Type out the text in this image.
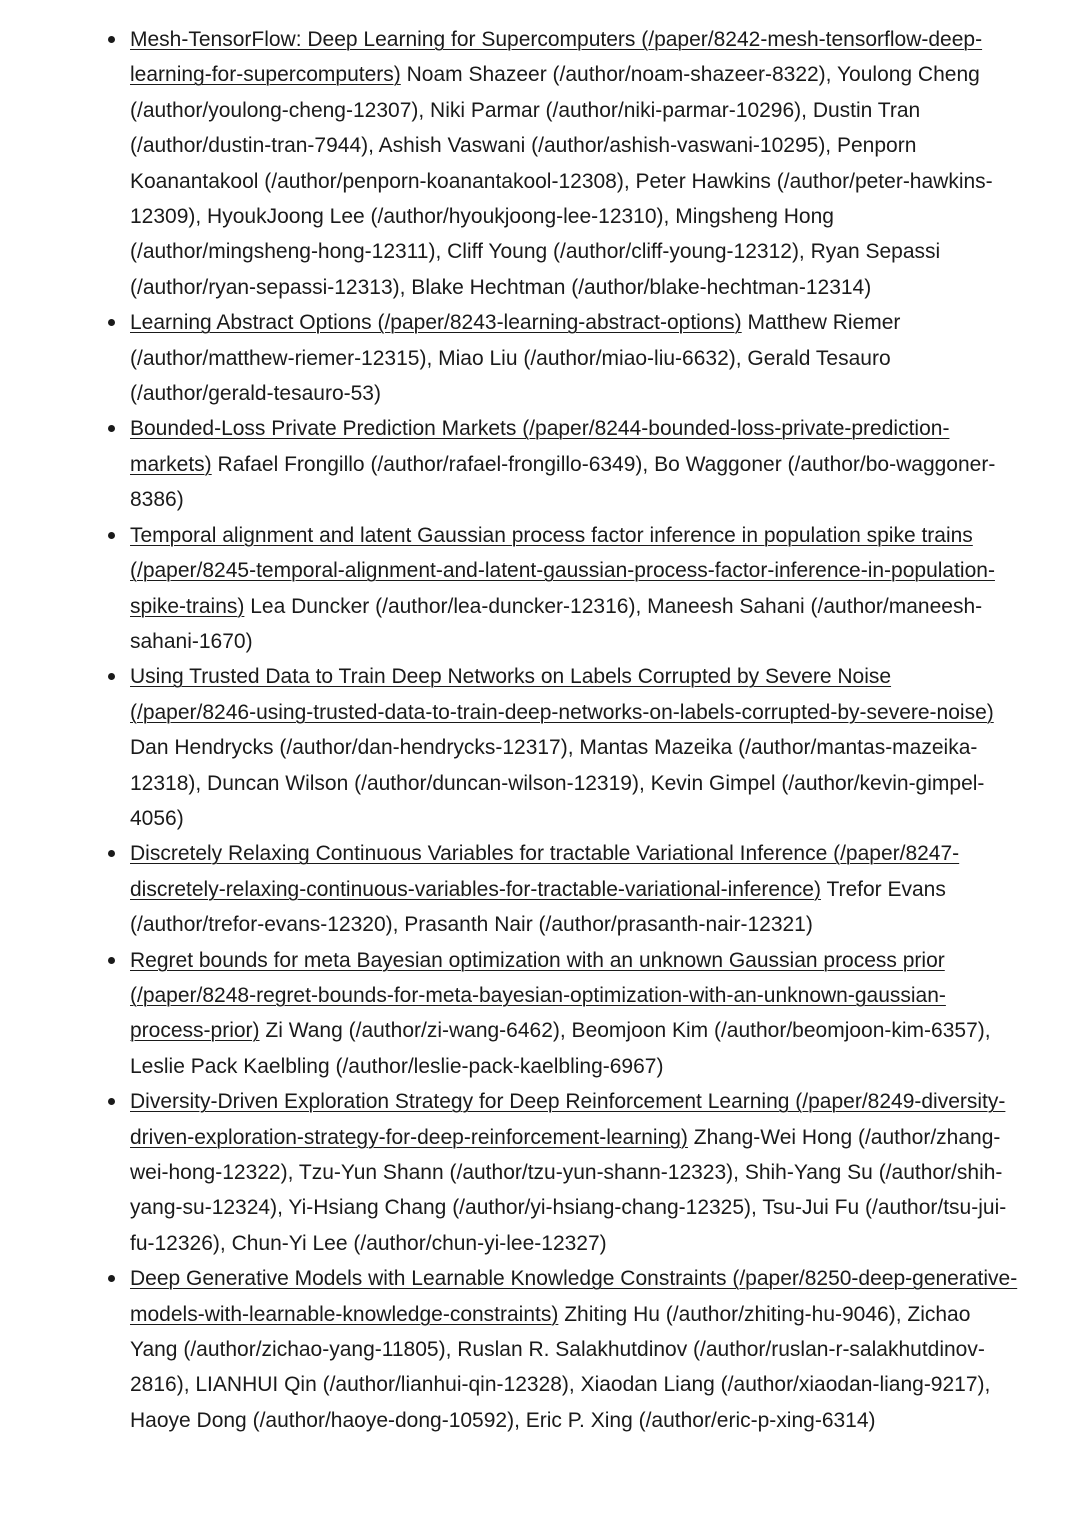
Mesh-TensorFlow: Deep Learning for Supercomputers (/paper/8242-mesh-tensorflow-deep-learning-for-supercomputers) Noam Shazeer (/author/noam-shazeer-8322), Youlong Cheng (/author/youlong-cheng-12307), Niki Parmar (/author/niki-parmar-10296), Dustin Tran (/author/dustin-tran-7944), Ashish Vaswani (/author/ashish-vaswani-10295), Penporn Koanantakool (/author/penporn-koanantakool-12308), Peter Hawkins (/author/peter-hawkins-12309), HyoukJoong Lee (/author/hyoukjoong-lee-12310), Mingsheng Hong (/author/mingsheng-hong-12311), Cliff Young (/author/cliff-young-12312), Ryan Sepassi (/author/ryan-sepassi-12313), Blake Hechtman (/author/blake-hechtman-12314)
Learning Abstract Options (/paper/8243-learning-abstract-options) Matthew Riemer (/author/matthew-riemer-12315), Miao Liu (/author/miao-liu-6632), Gerald Tesauro (/author/gerald-tesauro-53)
Bounded-Loss Private Prediction Markets (/paper/8244-bounded-loss-private-prediction-markets) Rafael Frongillo (/author/rafael-frongillo-6349), Bo Waggoner (/author/bo-waggoner-8386)
Temporal alignment and latent Gaussian process factor inference in population spike trains (/paper/8245-temporal-alignment-and-latent-gaussian-process-factor-inference-in-population-spike-trains) Lea Duncker (/author/lea-duncker-12316), Maneesh Sahani (/author/maneesh-sahani-1670)
Using Trusted Data to Train Deep Networks on Labels Corrupted by Severe Noise (/paper/8246-using-trusted-data-to-train-deep-networks-on-labels-corrupted-by-severe-noise) Dan Hendrycks (/author/dan-hendrycks-12317), Mantas Mazeika (/author/mantas-mazeika-12318), Duncan Wilson (/author/duncan-wilson-12319), Kevin Gimpel (/author/kevin-gimpel-4056)
Discretely Relaxing Continuous Variables for tractable Variational Inference (/paper/8247-discretely-relaxing-continuous-variables-for-tractable-variational-inference) Trefor Evans (/author/trefor-evans-12320), Prasanth Nair (/author/prasanth-nair-12321)
Regret bounds for meta Bayesian optimization with an unknown Gaussian process prior (/paper/8248-regret-bounds-for-meta-bayesian-optimization-with-an-unknown-gaussian-process-prior) Zi Wang (/author/zi-wang-6462), Beomjoon Kim (/author/beomjoon-kim-6357), Leslie Pack Kaelbling (/author/leslie-pack-kaelbling-6967)
Diversity-Driven Exploration Strategy for Deep Reinforcement Learning (/paper/8249-diversity-driven-exploration-strategy-for-deep-reinforcement-learning) Zhang-Wei Hong (/author/zhang-wei-hong-12322), Tzu-Yun Shann (/author/tzu-yun-shann-12323), Shih-Yang Su (/author/shih-yang-su-12324), Yi-Hsiang Chang (/author/yi-hsiang-chang-12325), Tsu-Jui Fu (/author/tsu-jui-fu-12326), Chun-Yi Lee (/author/chun-yi-lee-12327)
Deep Generative Models with Learnable Knowledge Constraints (/paper/8250-deep-generative-models-with-learnable-knowledge-constraints) Zhiting Hu (/author/zhiting-hu-9046), Zichao Yang (/author/zichao-yang-11805), Ruslan R. Salakhutdinov (/author/ruslan-r-salakhutdinov-2816), LIANHUI Qin (/author/lianhui-qin-12328), Xiaodan Liang (/author/xiaodan-liang-9217), Haoye Dong (/author/haoye-dong-10592), Eric P. Xing (/author/eric-p-xing-6314)
